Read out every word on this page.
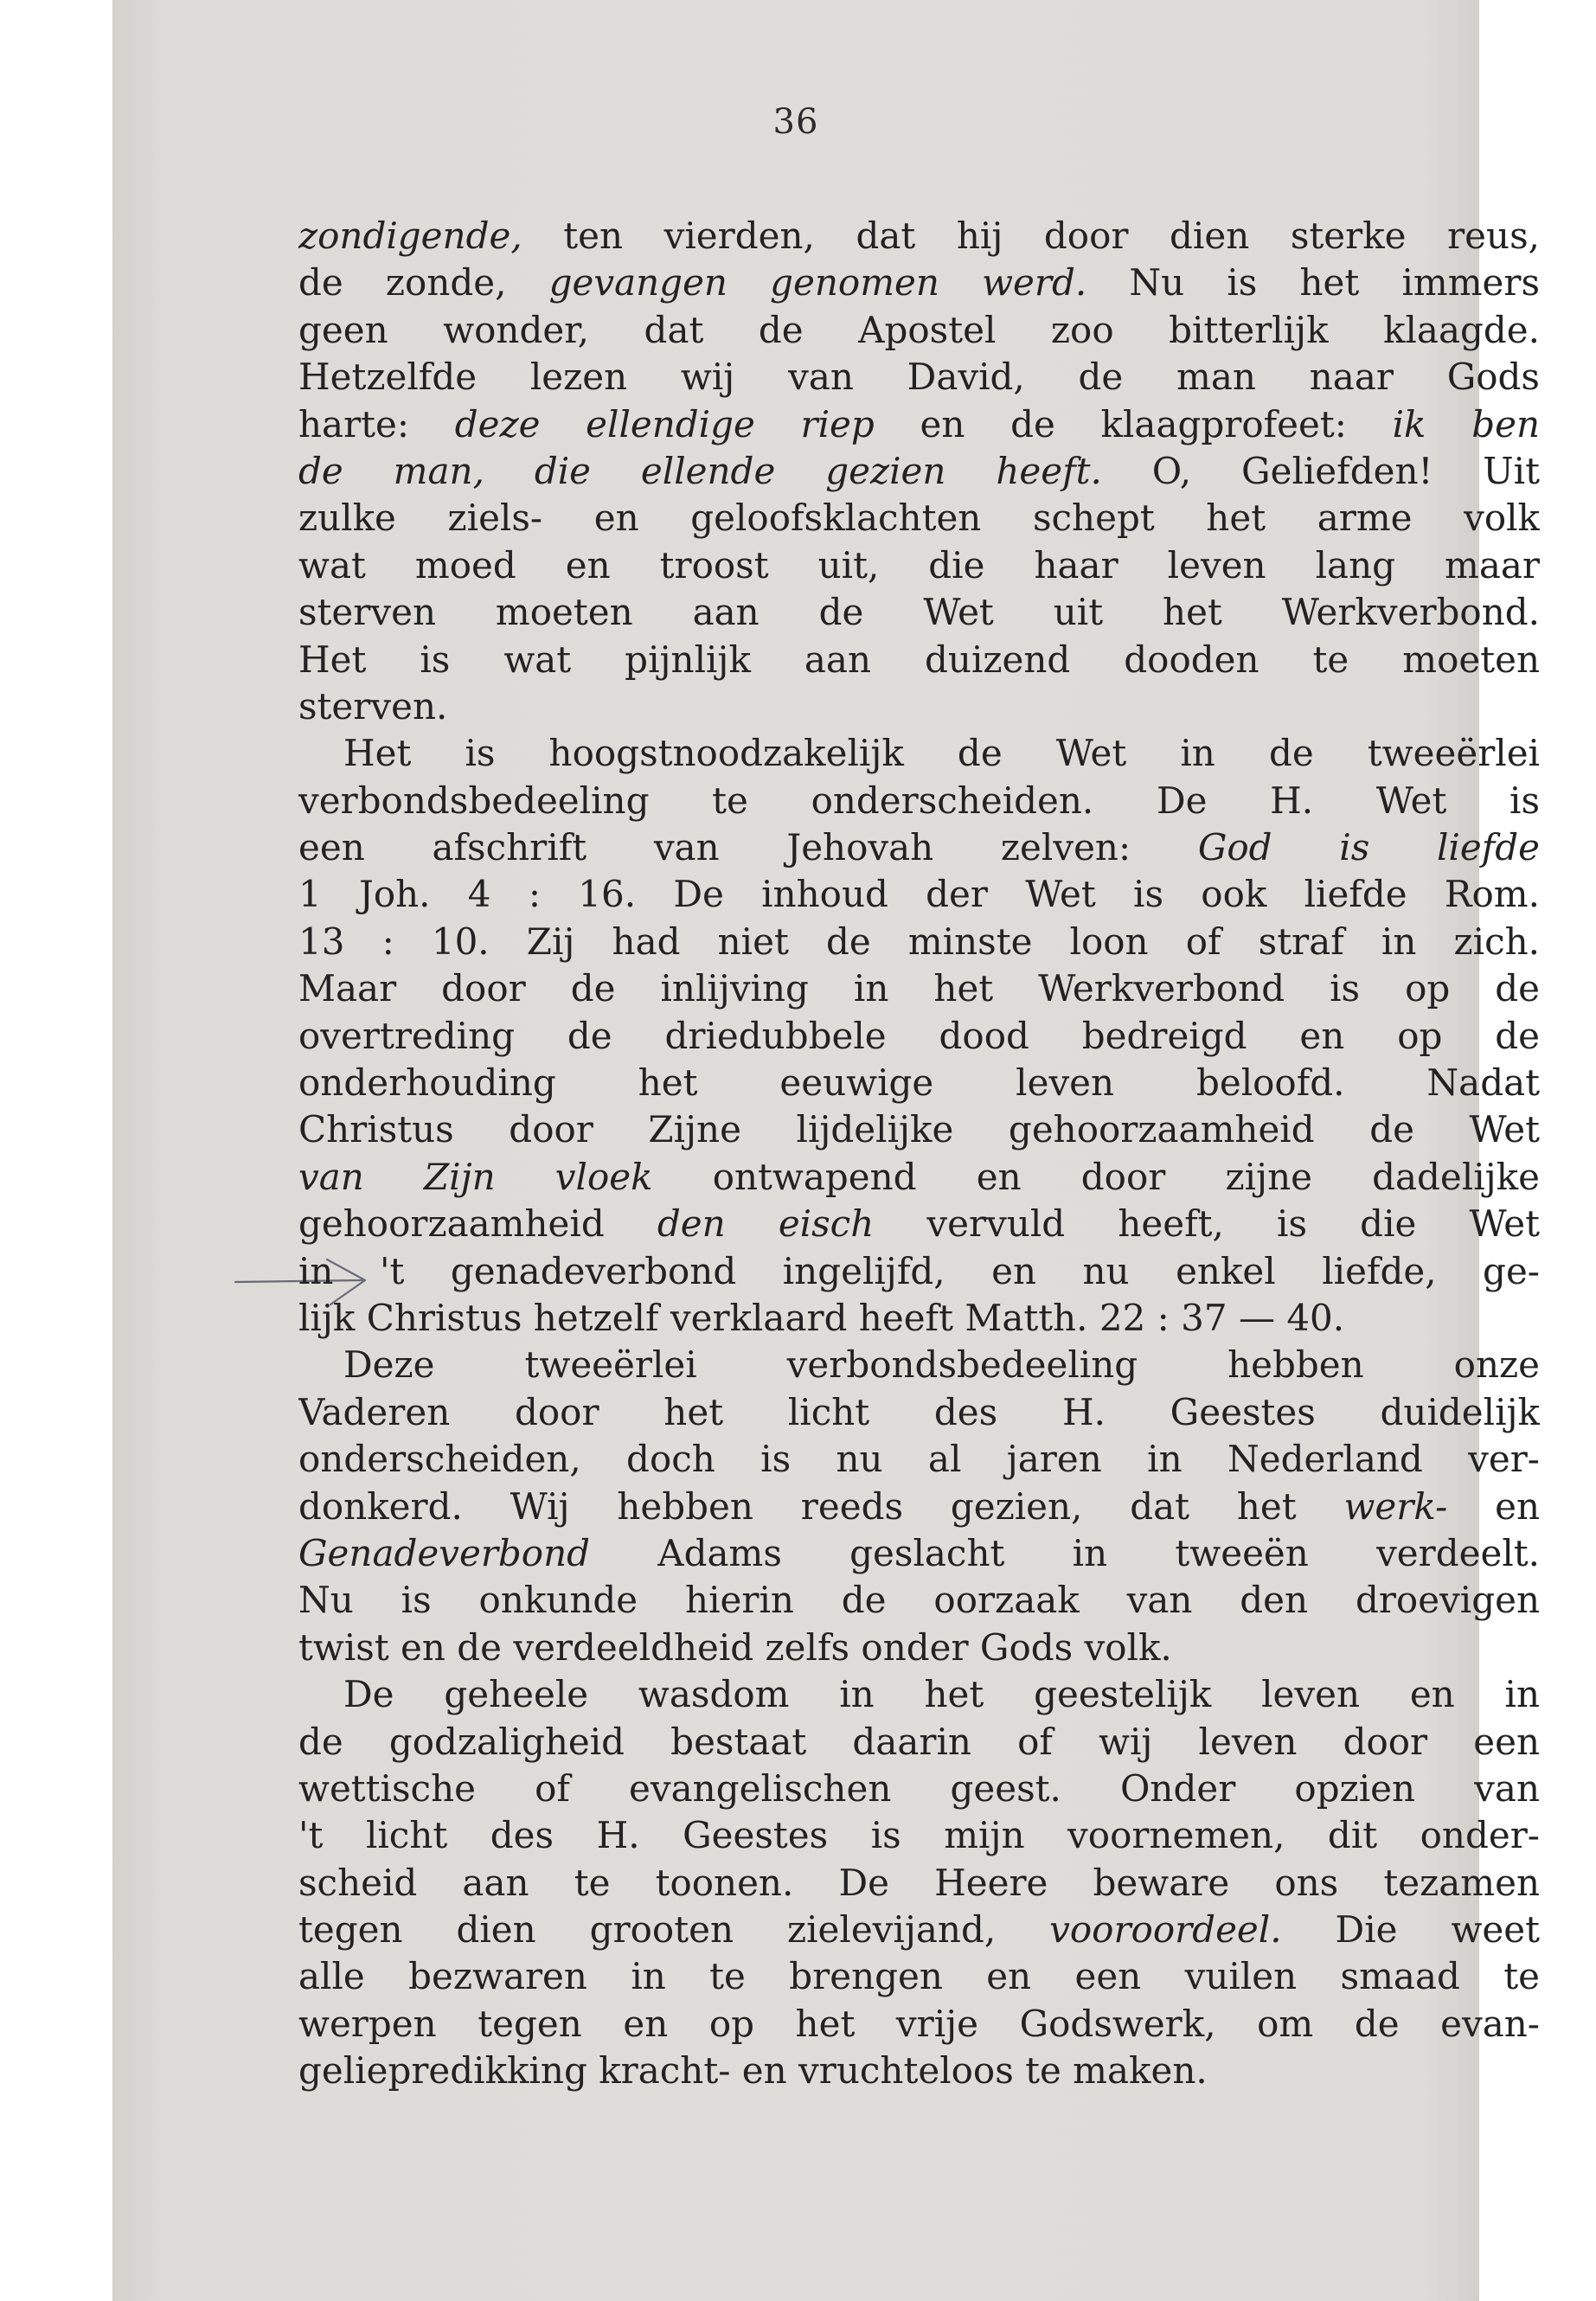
36
zondigende, ten vierden, dat hij door dien sterke reus,
de zonde, gevangen genomen werd. Nu is het immers
geen wonder, dat de Apostel zoo bitterlijk klaagde.
Hetzelfde lezen wij van David, de man naar Gods
harte: deze ellendige riep en de klaagprofeet: ik ben
de man, die ellende gezien heeft. O, Geliefden! Uit
zulke ziels- en geloofsklachten schept het arme volk
wat moed en troost uit, die haar leven lang maar
sterven moeten aan de Wet uit het Werkverbond.
Het is wat pijnlijk aan duizend dooden te moeten
sterven.
Het is hoogstnoodzakelijk de Wet in de tweeërlei
verbondsbedeeling te onderscheiden. De H. Wet is
een afschrift van Jehovah zelven: God is liefde
1 Joh. 4 : 16. De inhoud der Wet is ook liefde Rom.
13 : 10. Zij had niet de minste loon of straf in zich.
Maar door de inlijving in het Werkverbond is op de
overtreding de driedubbele dood bedreigd en op de
onderhouding het eeuwige leven beloofd. Nadat
Christus door Zijne lijdelijke gehoorzaamheid de Wet
van Zijn vloek ontwapend en door zijne dadelijke
gehoorzaamheid den eisch vervuld heeft, is die Wet
in 't genadeverbond ingelijfd, en nu enkel liefde, ge-
lijk Christus hetzelf verklaard heeft Matth. 22 : 37 — 40.
Deze tweeërlei verbondsbedeeling hebben onze
Vaderen door het licht des H. Geestes duidelijk
onderscheiden, doch is nu al jaren in Nederland ver-
donkerd. Wij hebben reeds gezien, dat het werk- en
Genadeverbond Adams geslacht in tweeën verdeelt.
Nu is onkunde hierin de oorzaak van den droevigen
twist en de verdeeldheid zelfs onder Gods volk.
De geheele wasdom in het geestelijk leven en in
de godzaligheid bestaat daarin of wij leven door een
wettische of evangelischen geest. Onder opzien van
't licht des H. Geestes is mijn voornemen, dit onder-
scheid aan te toonen. De Heere beware ons tezamen
tegen dien grooten zielevijand, vooroordeel. Die weet
alle bezwaren in te brengen en een vuilen smaad te
werpen tegen en op het vrije Godswerk, om de evan-
geliepredikking kracht- en vruchteloos te maken.
